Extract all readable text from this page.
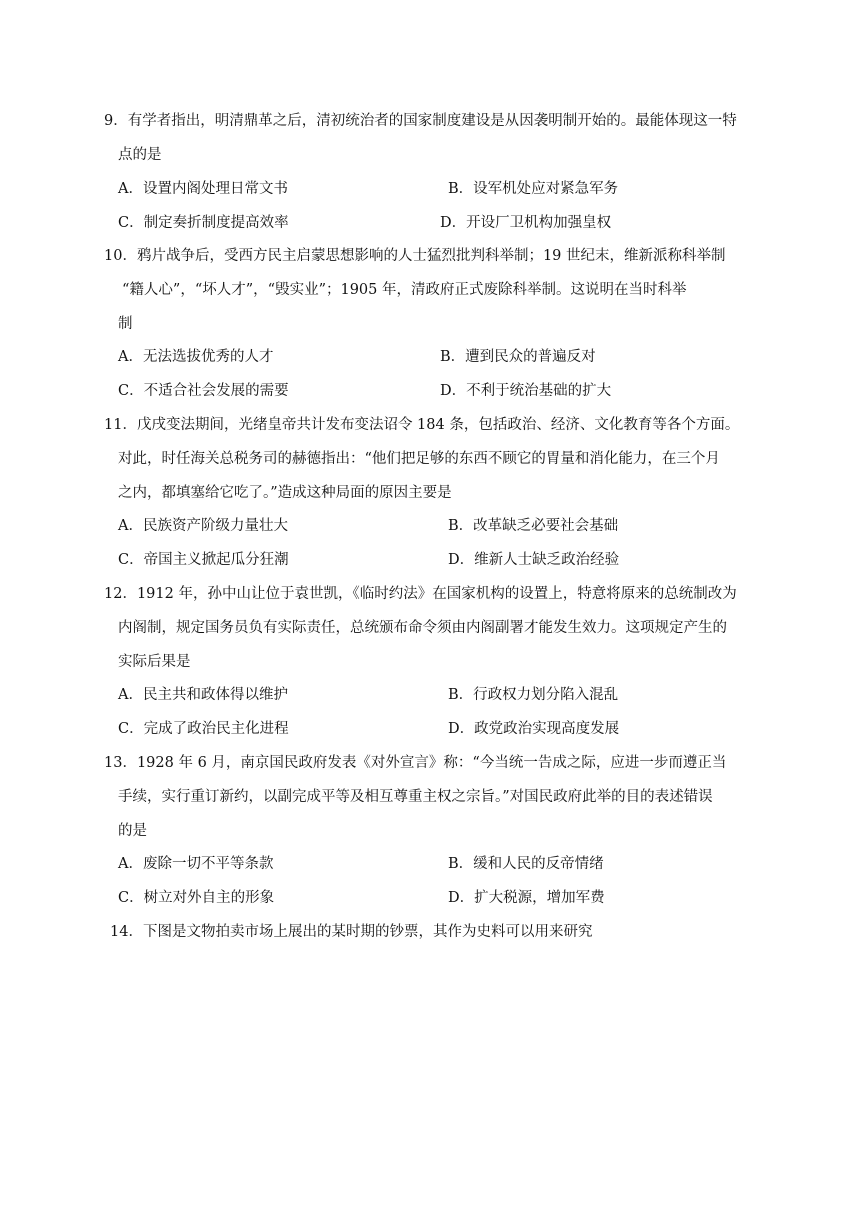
9．有学者指出，明清鼎革之后，清初统治者的国家制度建设是从因袭明制开始的。最能体现这一特
点的是
A．设置内阁处理日常文书	B．设军机处应对紧急军务
C．制定奏折制度提高效率	D．开设厂卫机构加强皇权
10．鸦片战争后，受西方民主启蒙思想影响的人士猛烈批判科举制；19 世纪末，维新派称科举制
“籍人心”，“坏人才”，“毁实业”；1905 年，清政府正式废除科举制。这说明在当时科举
制
A．无法选拔优秀的人才	B．遭到民众的普遍反对
C．不适合社会发展的需要	D．不利于统治基础的扩大
11．戊戌变法期间，光绪皇帝共计发布变法诏令 184 条，包括政治、经济、文化教育等各个方面。
对此，时任海关总税务司的赫德指出：“他们把足够的东西不顾它的胃量和消化能力，在三个月
之内，都填塞给它吃了。”造成这种局面的原因主要是
A．民族资产阶级力量壮大	B．改革缺乏必要社会基础
C．帝国主义掀起瓜分狂潮	D．维新人士缺乏政治经验
12．1912 年，孙中山让位于袁世凯，《临时约法》在国家机构的设置上，特意将原来的总统制改为
内阁制，规定国务员负有实际责任，总统颁布命令须由内阁副署才能发生效力。这项规定产生的
实际后果是
A．民主共和政体得以维护	B．行政权力划分陷入混乱
C．完成了政治民主化进程	D．政党政治实现高度发展
13．1928 年 6 月，南京国民政府发表《对外宣言》称：“今当统一告成之际，应进一步而遵正当
手续，实行重订新约，以副完成平等及相互尊重主权之宗旨。”对国民政府此举的目的表述错误
的是
A．废除一切不平等条款	B．缓和人民的反帝情绪
C．树立对外自主的形象	D．扩大税源，增加军费
14．下图是文物拍卖市场上展出的某时期的钞票，其作为史料可以用来研究
